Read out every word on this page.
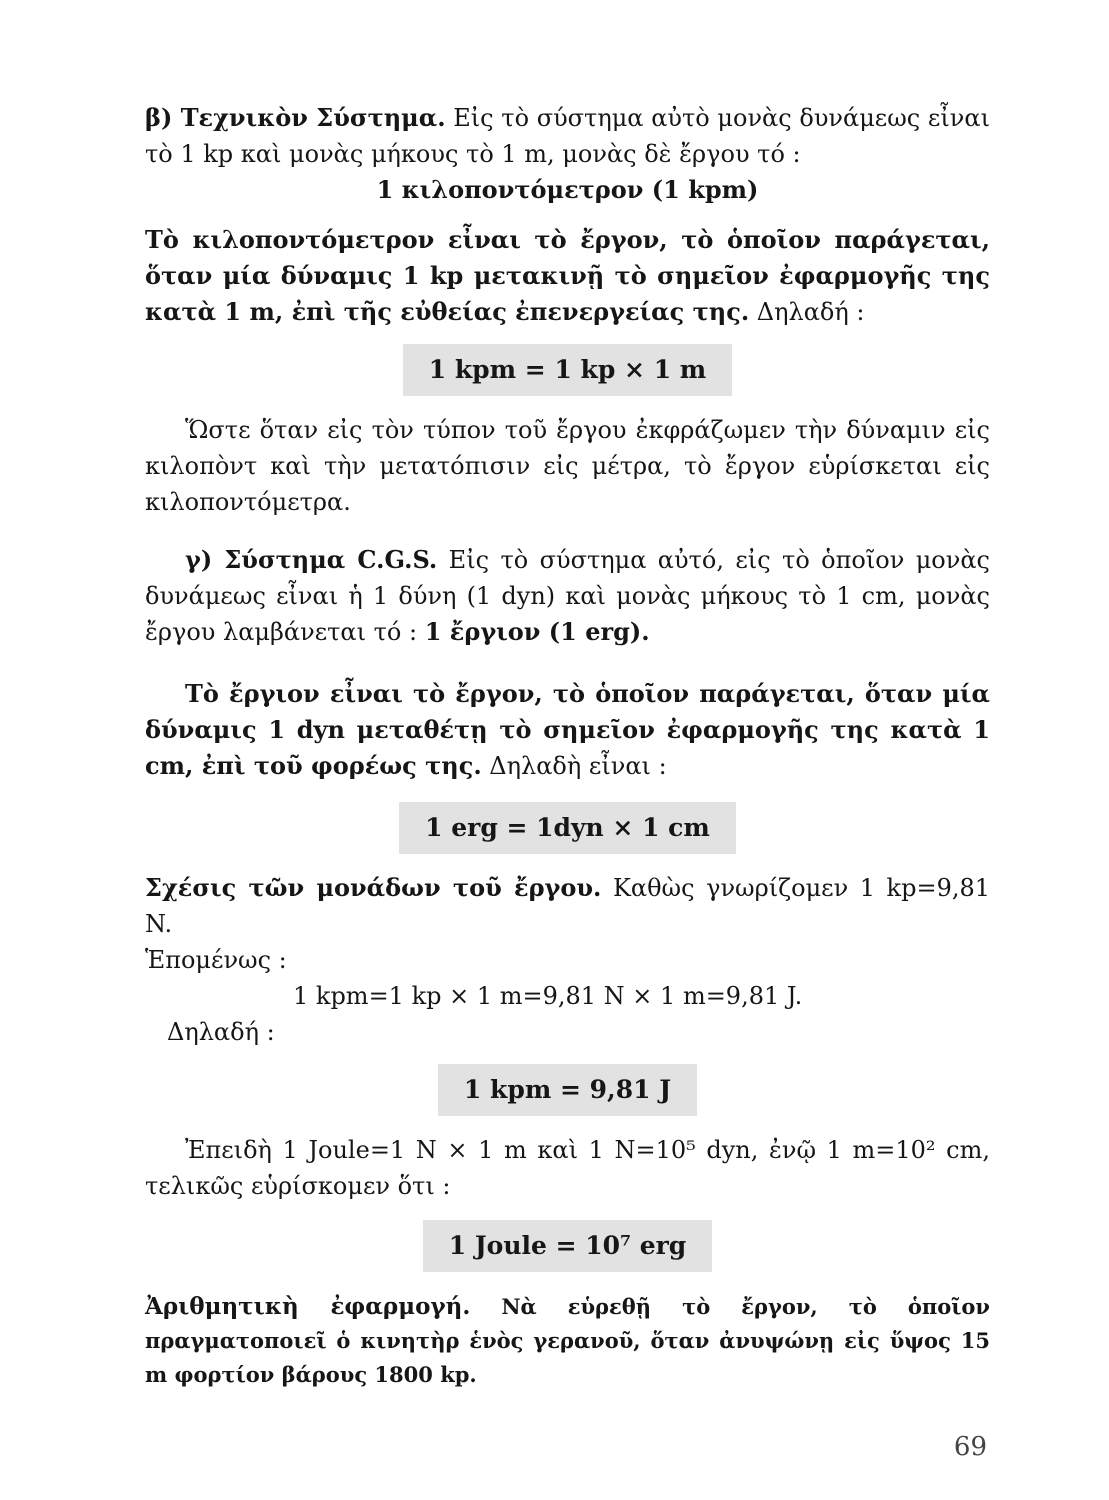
β) Τεχνικὸν Σύστημα. Εἰς τὸ σύστημα αὐτὸ μονὰς δυνάμεως εἶναι τὸ 1 kp καὶ μονὰς μήκους τὸ 1 m, μονὰς δὲ ἔργου τό :

1 κιλοποντόμετρον (1 kpm)

Τὸ κιλοποντόμετρον εἶναι τὸ ἔργον, τὸ ὁποῖον παράγεται, ὅταν μία δύναμις 1 kp μετακινῇ τὸ σημεῖον ἐφαρμογῆς της κατὰ 1 m, ἐπὶ τῆς εὐθείας ἐπενεργείας της. Δηλαδή :

1 kpm = 1 kp × 1 m

Ὥστε ὅταν εἰς τὸν τύπον τοῦ ἔργου ἐκφράζωμεν τὴν δύναμιν εἰς κιλοπὸντ καὶ τὴν μετατόπισιν εἰς μέτρα, τὸ ἔργον εὑρίσκεται εἰς κιλοποντόμετρα.

γ) Σύστημα C.G.S. Εἰς τὸ σύστημα αὐτό, εἰς τὸ ὁποῖον μονὰς δυνάμεως εἶναι ἡ 1 δύνη (1 dyn) καὶ μονὰς μήκους τὸ 1 cm, μονὰς ἔργου λαμβάνεται τό : 1 ἔργιον (1 erg).

Τὸ ἔργιον εἶναι τὸ ἔργον, τὸ ὁποῖον παράγεται, ὅταν μία δύναμις 1 dyn μεταθέτῃ τὸ σημεῖον ἐφαρμογῆς της κατὰ 1 cm, ἐπὶ τοῦ φορέως της. Δηλαδὴ εἶναι :

1 erg = 1dyn × 1 cm

Σχέσις τῶν μονάδων τοῦ ἔργου. Καθὼς γνωρίζομεν 1 kp=9,81 N.

Ἑπομένως :

1 kpm=1 kp × 1 m=9,81 N × 1 m=9,81 J.

Δηλαδή :

1 kpm = 9,81 J

Ἐπειδὴ 1 Joule=1 N × 1 m καὶ 1 N=10⁵ dyn, ἐνῷ 1 m=10² cm, τελικῶς εὑρίσκομεν ὅτι :

1 Joule = 10⁷ erg

Ἀριθμητικὴ ἐφαρμογή. Νὰ εὑρεθῇ τὸ ἔργον, τὸ ὁποῖον πραγματοποιεῖ ὁ κινητὴρ ἑνὸς γερανοῦ, ὅταν ἀνυψώνῃ εἰς ὕψος 15 m φορτίον βάρους 1800 kp.

69
